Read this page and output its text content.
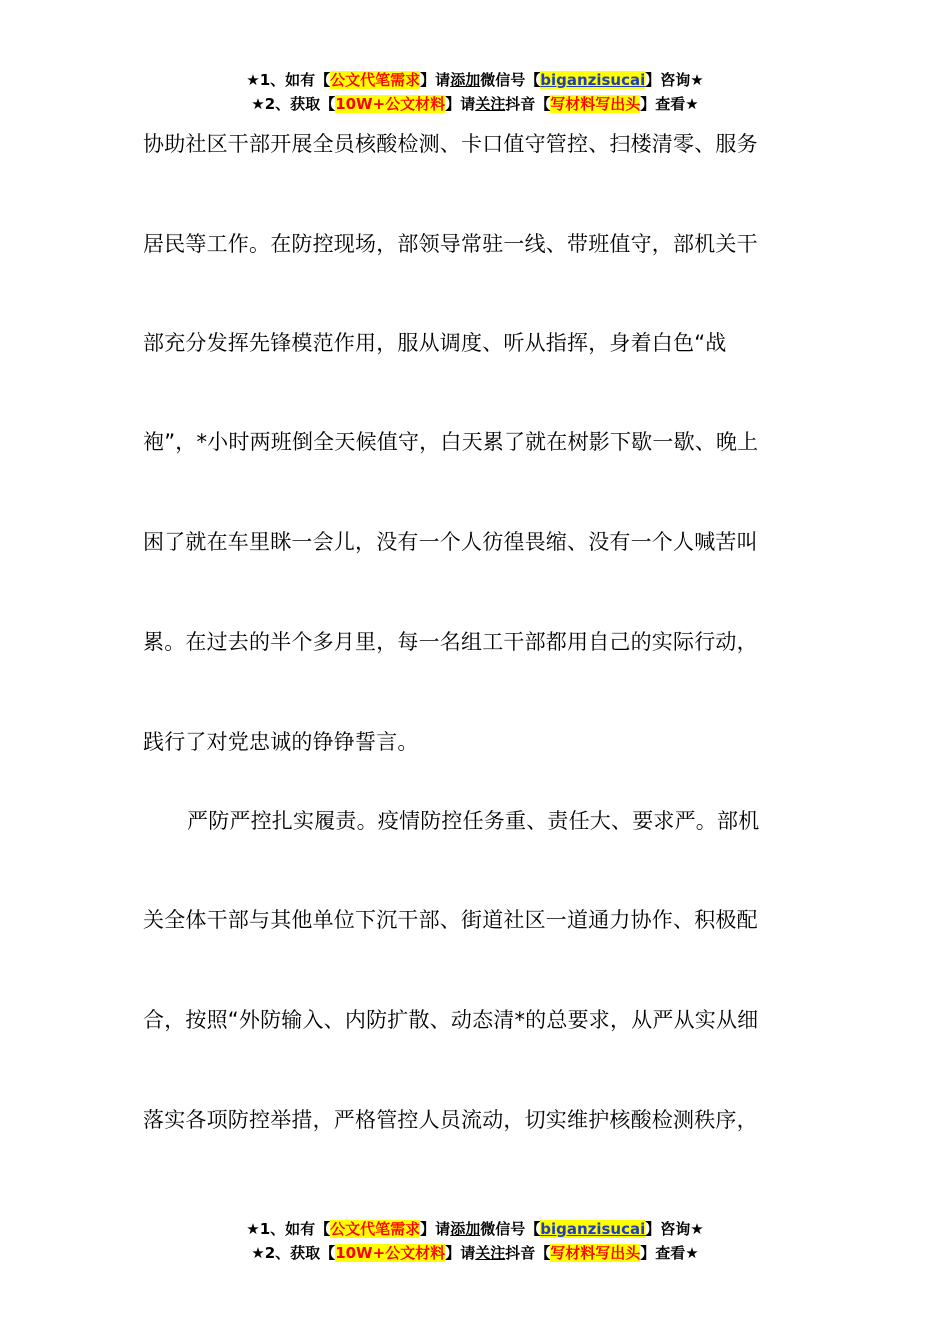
★1、如有【公文代笔需求】请添加微信号【biganzisucai】咨询★
★2、获取【10W+公文材料】请关注抖音【写材料写出头】查看★
协助社区干部开展全员核酸检测、卡口值守管控、扫楼清零、服务
居民等工作。在防控现场，部领导常驻一线、带班值守，部机关干
部充分发挥先锋模范作用，服从调度、听从指挥，身着白色“战
袍”，*小时两班倒全天候值守，白天累了就在树影下歇一歇、晚上
困了就在车里眯一会儿，没有一个人彷徨畏缩、没有一个人喊苦叫
累。在过去的半个多月里，每一名组工干部都用自己的实际行动，
践行了对党忠诚的铮铮誓言。
严防严控扎实履责。疫情防控任务重、责任大、要求严。部机
关全体干部与其他单位下沉干部、街道社区一道通力协作、积极配
合，按照“外防输入、内防扩散、动态清*的总要求，从严从实从细
落实各项防控举措，严格管控人员流动，切实维护核酸检测秩序，
★1、如有【公文代笔需求】请添加微信号【biganzisucai】咨询★
★2、获取【10W+公文材料】请关注抖音【写材料写出头】查看★
